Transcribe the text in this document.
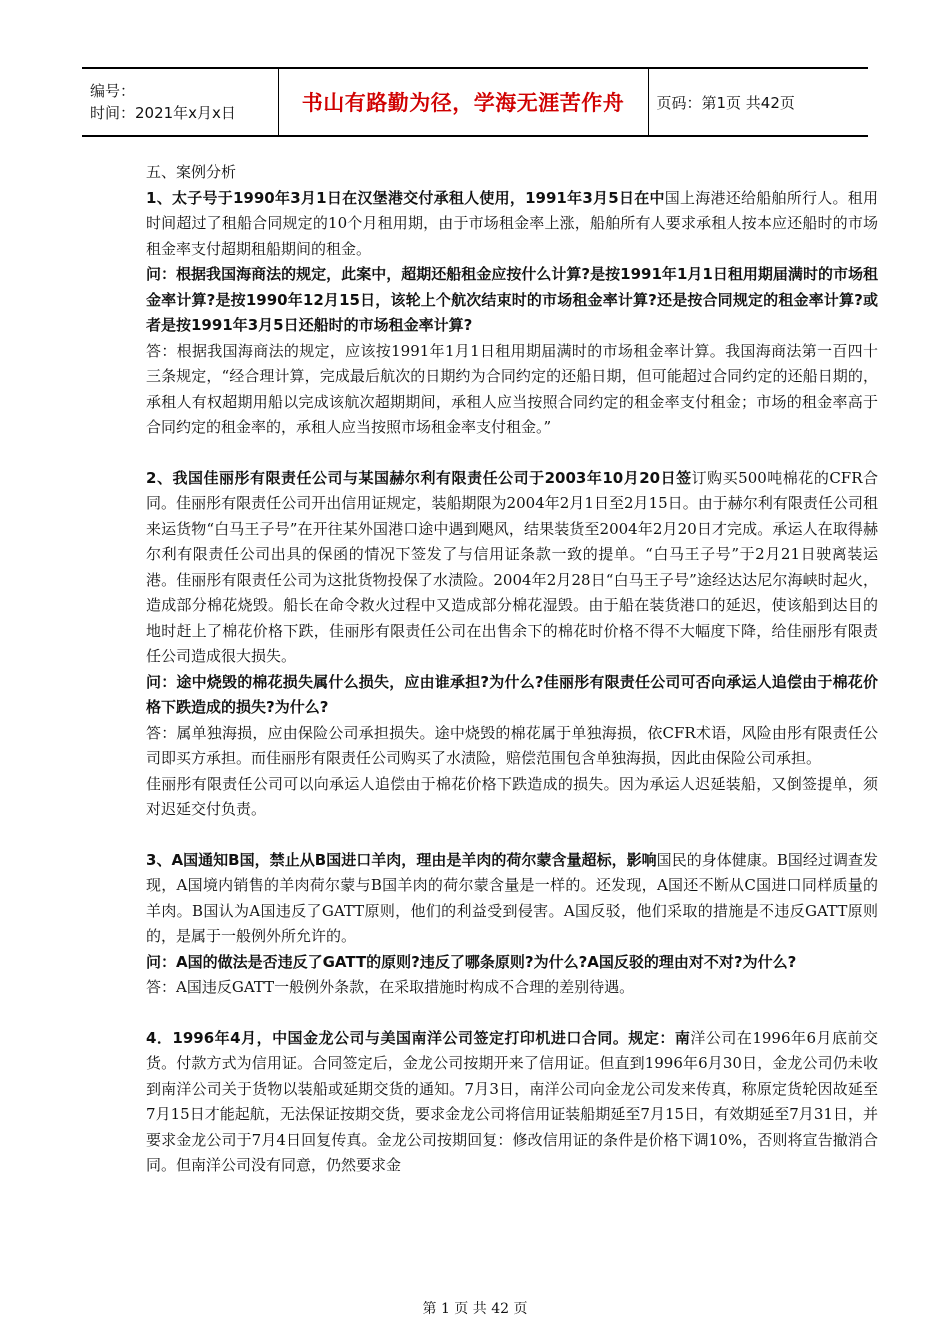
编号：
时间：2021年x月x日	书山有路勤为径，学海无涯苦作舟	页码：第1页 共42页

五、案例分析

1、太子号于1990年3月1日在汉堡港交付承租人使用，1991年3月5日在中国上海港还给船舶所行人。租用时间超过了租船合同规定的10个月租用期，由于市场租金率上涨，船舶所有人要求承租人按本应还船时的市场租金率支付超期租船期间的租金。

问：根据我国海商法的规定，此案中，超期还船租金应按什么计算?是按1991年1月1日租用期届满时的市场租金率计算?是按1990年12月15日，该轮上个航次结束时的市场租金率计算?还是按合同规定的租金率计算?或者是按1991年3月5日还船时的市场租金率计算?

答：根据我国海商法的规定，应该按1991年1月1日租用期届满时的市场租金率计算。我国海商法第一百四十三条规定，“经合理计算，完成最后航次的日期约为合同约定的还船日期，但可能超过合同约定的还船日期的，承租人有权超期用船以完成该航次超期期间，承租人应当按照合同约定的租金率支付租金；市场的租金率高于合同约定的租金率的，承租人应当按照市场租金率支付租金。”

2、我国佳丽彤有限责任公司与某国赫尔利有限责任公司于2003年10月20日签订购买500吨棉花的CFR合同。佳丽彤有限责任公司开出信用证规定，装船期限为2004年2月1日至2月15日。由于赫尔利有限责任公司租来运货物“白马王子号”在开往某外国港口途中遇到飓风，结果装货至2004年2月20日才完成。承运人在取得赫尔利有限责任公司出具的保函的情况下签发了与信用证条款一致的提单。“白马王子号”于2月21日驶离装运港。佳丽彤有限责任公司为这批货物投保了水渍险。2004年2月28日“白马王子号”途经达达尼尔海峡时起火，造成部分棉花烧毁。船长在命令救火过程中又造成部分棉花湿毁。由于船在装货港口的延迟，使该船到达目的地时赶上了棉花价格下跌，佳丽彤有限责任公司在出售余下的棉花时价格不得不大幅度下降，给佳丽彤有限责任公司造成很大损失。

问：途中烧毁的棉花损失属什么损失，应由谁承担?为什么?佳丽彤有限责任公司可否向承运人追偿由于棉花价格下跌造成的损失?为什么?

答：属单独海损，应由保险公司承担损失。途中烧毁的棉花属于单独海损，依CFR术语，风险由彤有限责任公司即买方承担。而佳丽彤有限责任公司购买了水渍险，赔偿范围包含单独海损，因此由保险公司承担。

佳丽彤有限责任公司可以向承运人追偿由于棉花价格下跌造成的损失。因为承运人迟延装船，又倒签提单，须对迟延交付负责。

3、A国通知B国，禁止从B国进口羊肉，理由是羊肉的荷尔蒙含量超标，影响国民的身体健康。B国经过调查发现，A国境内销售的羊肉荷尔蒙与B国羊肉的荷尔蒙含量是一样的。还发现，A国还不断从C国进口同样质量的羊肉。B国认为A国违反了GATT原则，他们的利益受到侵害。A国反驳，他们采取的措施是不违反GATT原则的，是属于一般例外所允许的。

问：A国的做法是否违反了GATT的原则?违反了哪条原则?为什么?A国反驳的理由对不对?为什么?

答：A国违反GATT一般例外条款，在采取措施时构成不合理的差别待遇。

4．1996年4月，中国金龙公司与美国南洋公司签定打印机进口合同。规定：南洋公司在1996年6月底前交货。付款方式为信用证。合同签定后，金龙公司按期开来了信用证。但直到1996年6月30日，金龙公司仍未收到南洋公司关于货物以装船或延期交货的通知。7月3日，南洋公司向金龙公司发来传真，称原定货轮因故延至7月15日才能起航，无法保证按期交货，要求金龙公司将信用证装船期延至7月15日，有效期延至7月31日，并要求金龙公司于7月4日回复传真。金龙公司按期回复：修改信用证的条件是价格下调10%，否则将宣告撤消合同。但南洋公司没有同意，仍然要求金

第 1 页 共 42 页
